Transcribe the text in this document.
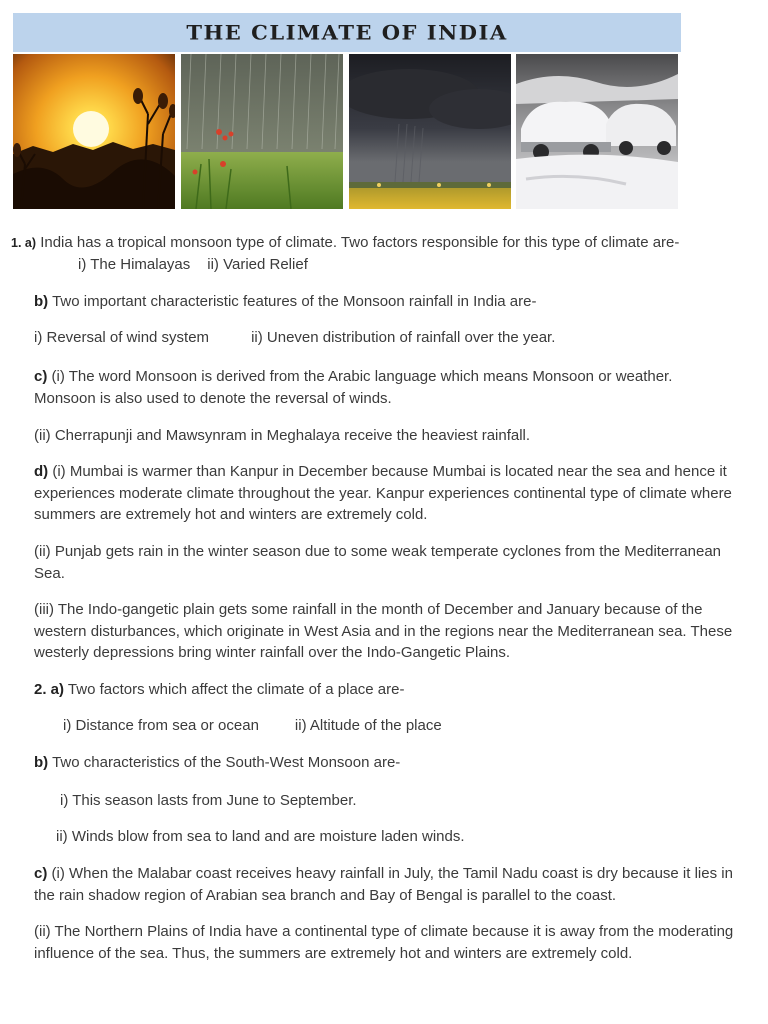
THE CLIMATE OF INDIA

1. a) India has a tropical monsoon type of climate. Two factors responsible for this type of climate are-

i) The Himalayas ii) Varied Relief

b) Two important characteristic features of the Monsoon rainfall in India are-

i) Reversal of wind system	ii) Uneven distribution of rainfall over the year.

c) (i) The word Monsoon is derived from the Arabic language which means Monsoon or weather. Monsoon is also used to denote the reversal of winds.

(ii) Cherrapunji and Mawsynram in Meghalaya receive the heaviest rainfall.

d) (i) Mumbai is warmer than Kanpur in December because Mumbai is located near the sea and hence it experiences moderate climate throughout the year. Kanpur experiences continental type of climate where summers are extremely hot and winters are extremely cold.

(ii) Punjab gets rain in the winter season due to some weak temperate cyclones from the Mediterranean Sea.

(iii) The Indo-gangetic plain gets some rainfall in the month of December and January because of the western disturbances, which originate in West Asia and in the regions near the Mediterranean sea. These westerly depressions bring winter rainfall over the Indo-Gangetic Plains.

2. a) Two factors which affect the climate of a place are-

i) Distance from sea or ocean ii) Altitude of the place

b) Two characteristics of the South-West Monsoon are-

i) This season lasts from June to September.

ii) Winds blow from sea to land and are moisture laden winds.

c) (i) When the Malabar coast receives heavy rainfall in July, the Tamil Nadu coast is dry because it lies in the rain shadow region of Arabian sea branch and Bay of Bengal is parallel to the coast.

(ii) The Northern Plains of India have a continental type of climate because it is away from the moderating influence of the sea. Thus, the summers are extremely hot and winters are extremely cold.
